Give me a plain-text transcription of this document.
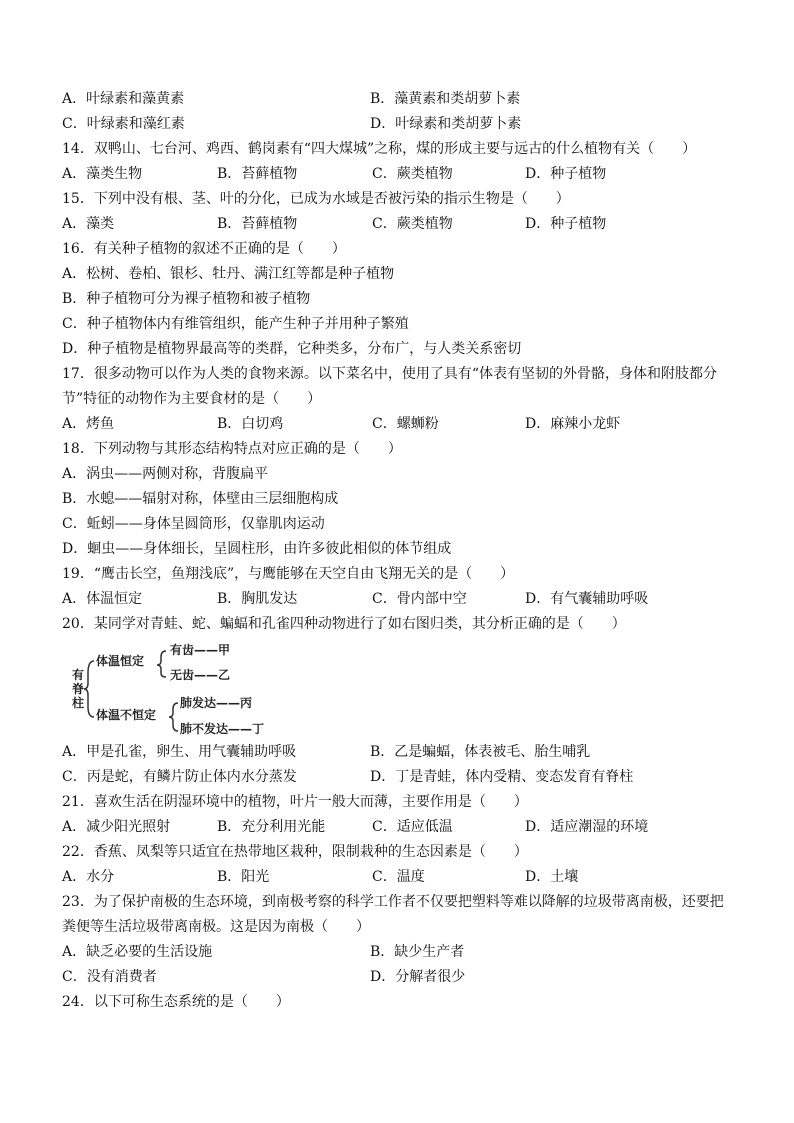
A．叶绿素和藻黄素	B．藻黄素和类胡萝卜素
C．叶绿素和藻红素	D．叶绿素和类胡萝卜素
14．双鸭山、七台河、鸡西、鹤岗素有“四大煤城”之称，煤的形成主要与远古的什么植物有关（　　）
A．藻类生物	B．苔藓植物	C．蕨类植物	D．种子植物
15．下列中没有根、茎、叶的分化，已成为水域是否被污染的指示生物是（　　）
A．藻类	B．苔藓植物	C．蕨类植物	D．种子植物
16．有关种子植物的叙述不正确的是（　　）
A．松树、卷柏、银杉、牡丹、满江红等都是种子植物
B．种子植物可分为裸子植物和被子植物
C．种子植物体内有维管组织，能产生种子并用种子繁殖
D．种子植物是植物界最高等的类群，它种类多，分布广，与人类关系密切
17．很多动物可以作为人类的食物来源。以下菜名中，使用了具有“体表有坚韧的外骨骼，身体和附肢都分
节”特征的动物作为主要食材的是（　　）
A．烤鱼	B．白切鸡	C．螺蛳粉	D．麻辣小龙虾
18．下列动物与其形态结构特点对应正确的是（　　）
A．涡虫——两侧对称，背腹扁平
B．水螅——辐射对称，体壁由三层细胞构成
C．蚯蚓——身体呈圆筒形，仅靠肌肉运动
D．蛔虫——身体细长，呈圆柱形，由许多彼此相似的体节组成
19．“鹰击长空，鱼翔浅底”，与鹰能够在天空自由飞翔无关的是（　　）
A．体温恒定	B．胸肌发达	C．骨内部中空	D．有气囊辅助呼吸
20．某同学对青蛙、蛇、蝙蝠和孔雀四种动物进行了如右图归类，其分析正确的是（　　）
有
脊
柱
体温恒定
有齿——甲
无齿——乙
体温不恒定
肺发达——丙
肺不发达——丁
A．甲是孔雀，卵生、用气囊辅助呼吸	B．乙是蝙蝠，体表被毛、胎生哺乳
C．丙是蛇，有鳞片防止体内水分蒸发	D．丁是青蛙，体内受精、变态发育有脊柱
21．喜欢生活在阴湿环境中的植物，叶片一般大而薄，主要作用是（　　）
A．减少阳光照射	B．充分利用光能	C．适应低温	D．适应潮湿的环境
22．香蕉、凤梨等只适宜在热带地区栽种，限制栽种的生态因素是（　　）
A．水分	B．阳光	C．温度	D．土壤
23．为了保护南极的生态环境，到南极考察的科学工作者不仅要把塑料等难以降解的垃圾带离南极，还要把
粪便等生活垃圾带离南极。这是因为南极（　　）
A．缺乏必要的生活设施	B．缺少生产者
C．没有消费者	D．分解者很少
24．以下可称生态系统的是（　　）
